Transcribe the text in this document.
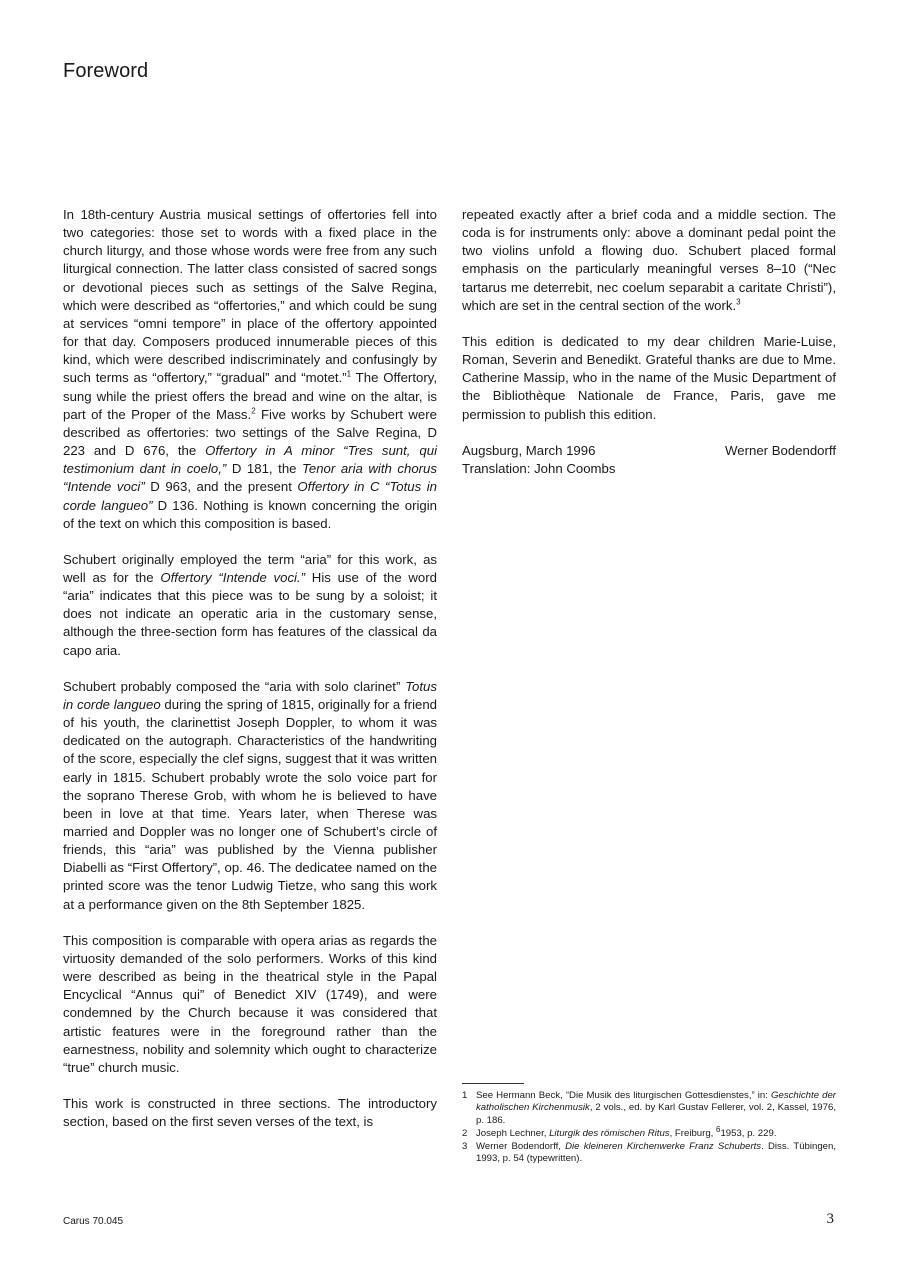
Foreword

In 18th-century Austria musical settings of offertories fell into two categories: those set to words with a fixed place in the church liturgy, and those whose words were free from any such liturgical connection. The latter class consisted of sacred songs or devotional pieces such as settings of the Salve Regina, which were described as “offertories,” and which could be sung at services “omni tempore” in place of the offertory appointed for that day. Composers produced innumerable pieces of this kind, which were described indiscriminately and confusingly by such terms as “offertory,” “gradual” and “motet.”$^1$ The Offertory, sung while the priest offers the bread and wine on the altar, is part of the Proper of the Mass.$^2$ Five works by Schubert were described as offertories: two settings of the Salve Regina, D 223 and D 676, the Offertory in A minor “Tres sunt, qui testimonium dant in coelo,” D 181, the Tenor aria with chorus “Intende voci” D 963, and the present Offertory in C “Totus in corde langueo” D 136. Nothing is known concerning the origin of the text on which this composition is based.

Schubert originally employed the term “aria” for this work, as well as for the Offertory “Intende voci.” His use of the word “aria” indicates that this piece was to be sung by a soloist; it does not indicate an operatic aria in the customary sense, although the three-section form has features of the classical da capo aria.

Schubert probably composed the “aria with solo clarinet” Totus in corde langueo during the spring of 1815, originally for a friend of his youth, the clarinettist Joseph Doppler, to whom it was dedicated on the autograph. Characteristics of the handwriting of the score, especially the clef signs, suggest that it was written early in 1815. Schubert probably wrote the solo voice part for the soprano Therese Grob, with whom he is believed to have been in love at that time. Years later, when Therese was married and Doppler was no longer one of Schubert’s circle of friends, this “aria” was published by the Vienna publisher Diabelli as “First Offertory”, op. 46. The dedicatee named on the printed score was the tenor Ludwig Tietze, who sang this work at a performance given on the 8th September 1825.

This composition is comparable with opera arias as regards the virtuosity demanded of the solo performers. Works of this kind were described as being in the theatrical style in the Papal Encyclical “Annus qui” of Benedict XIV (1749), and were condemned by the Church because it was considered that artistic features were in the foreground rather than the earnestness, nobility and solemnity which ought to characterize “true” church music.

This work is constructed in three sections. The introductory section, based on the first seven verses of the text, is

repeated exactly after a brief coda and a middle section. The coda is for instruments only: above a dominant pedal point the two violins unfold a flowing duo. Schubert placed formal emphasis on the particularly meaningful verses 8–10 (“Nec tartarus me deterrebit, nec coelum separabit a caritate Christi”), which are set in the central section of the work.$^3$

This edition is dedicated to my dear children Marie-Luise, Roman, Severin and Benedikt. Grateful thanks are due to Mme. Catherine Massip, who in the name of the Music Department of the Bibliothèque Nationale de France, Paris, gave me permission to publish this edition.

Augsburg, March 1996	Werner Bodendorff
Translation: John Coombs
1 See Hermann Beck, “Die Musik des liturgischen Gottesdienstes,” in: Geschichte der katholischen Kirchenmusik, 2 vols., ed. by Karl Gustav Fellerer, vol. 2, Kassel, 1976, p. 186.
2 Joseph Lechner, Liturgik des römischen Ritus, Freiburg, $^6$1953, p. 229.
3 Werner Bodendorff, Die kleineren Kirchenwerke Franz Schuberts. Diss. Tübingen, 1993, p. 54 (typewritten).
Carus 70.045	3
